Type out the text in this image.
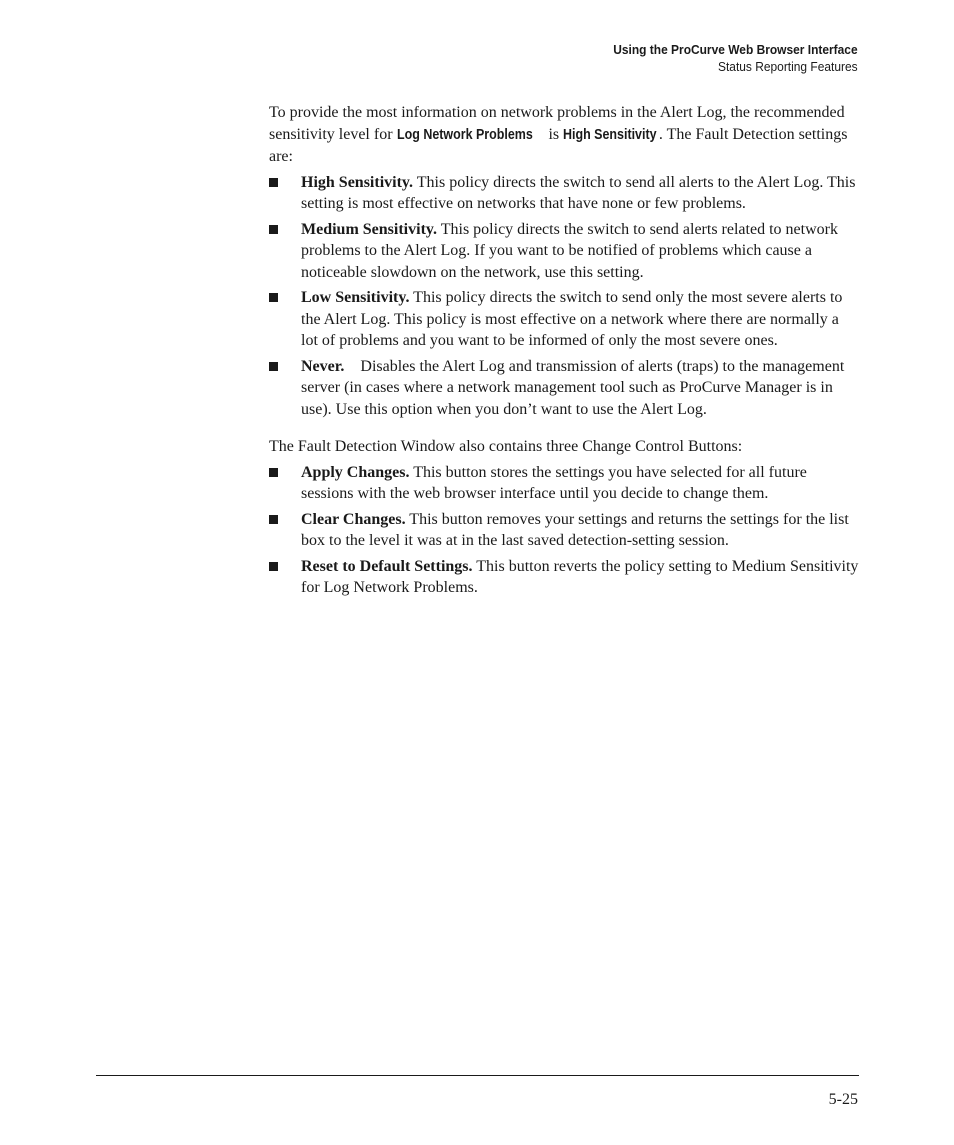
Using the ProCurve Web Browser Interface
Status Reporting Features

To provide the most information on network problems in the Alert Log, the recommended sensitivity level for Log Network Problems is High Sensitivity . The Fault Detection settings are:

High Sensitivity. This policy directs the switch to send all alerts to the Alert Log. This setting is most effective on networks that have none or few problems.
Medium Sensitivity. This policy directs the switch to send alerts related to network problems to the Alert Log. If you want to be notified of problems which cause a noticeable slowdown on the network, use this setting.
Low Sensitivity. This policy directs the switch to send only the most severe alerts to the Alert Log. This policy is most effective on a network where there are normally a lot of problems and you want to be informed of only the most severe ones.
Never.    Disables the Alert Log and transmission of alerts (traps) to the management server (in cases where a network management tool such as ProCurve Manager is in use). Use this option when you don’t want to use the Alert Log.

The Fault Detection Window also contains three Change Control Buttons:

Apply Changes. This button stores the settings you have selected for all future sessions with the web browser interface until you decide to change them.
Clear Changes. This button removes your settings and returns the settings for the list box to the level it was at in the last saved detection-setting session.
Reset to Default Settings. This button reverts the policy setting to Medium Sensitivity for Log Network Problems.
5-25
